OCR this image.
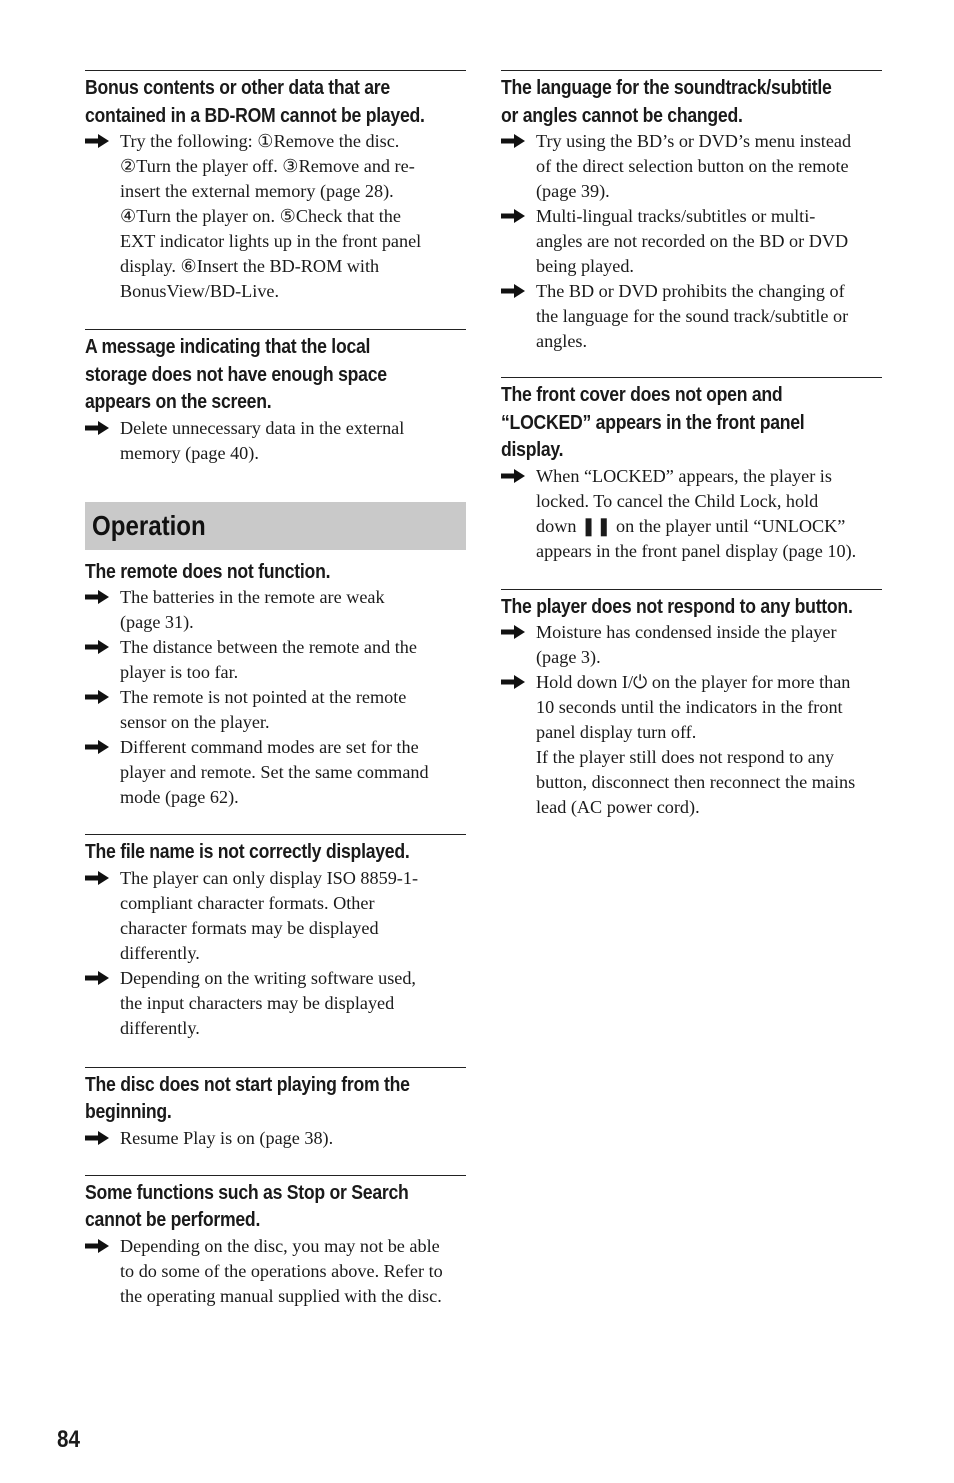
Bonus contents or other data that are
contained in a BD-ROM cannot be played.
Try the following: ①Remove the disc.
②Turn the player off. ③Remove and re-
insert the external memory (page 28).
④Turn the player on. ⑤Check that the
EXT indicator lights up in the front panel
display. ⑥Insert the BD-ROM with
BonusView/BD-Live.
A message indicating that the local
storage does not have enough space
appears on the screen.
Delete unnecessary data in the external
memory (page 40).
Operation
The remote does not function.
The batteries in the remote are weak
(page 31).
The distance between the remote and the
player is too far.
The remote is not pointed at the remote
sensor on the player.
Different command modes are set for the
player and remote. Set the same command
mode (page 62).
The file name is not correctly displayed.
The player can only display ISO 8859-1-
compliant character formats. Other
character formats may be displayed
differently.
Depending on the writing software used,
the input characters may be displayed
differently.
The disc does not start playing from the
beginning.
Resume Play is on (page 38).
Some functions such as Stop or Search
cannot be performed.
Depending on the disc, you may not be able
to do some of the operations above. Refer to
the operating manual supplied with the disc.
The language for the soundtrack/subtitle
or angles cannot be changed.
Try using the BD’s or DVD’s menu instead
of the direct selection button on the remote
(page 39).
Multi-lingual tracks/subtitles or multi-
angles are not recorded on the BD or DVD
being played.
The BD or DVD prohibits the changing of
the language for the sound track/subtitle or
angles.
The front cover does not open and
“LOCKED” appears in the front panel
display.
When “LOCKED” appears, the player is
locked. To cancel the Child Lock, hold
down ❚❚ on the player until “UNLOCK”
appears in the front panel display (page 10).
The player does not respond to any button.
Moisture has condensed inside the player
(page 3).
Hold down І/⏻ on the player for more than
10 seconds until the indicators in the front
panel display turn off.
If the player still does not respond to any
button, disconnect then reconnect the mains
lead (AC power cord).
84
